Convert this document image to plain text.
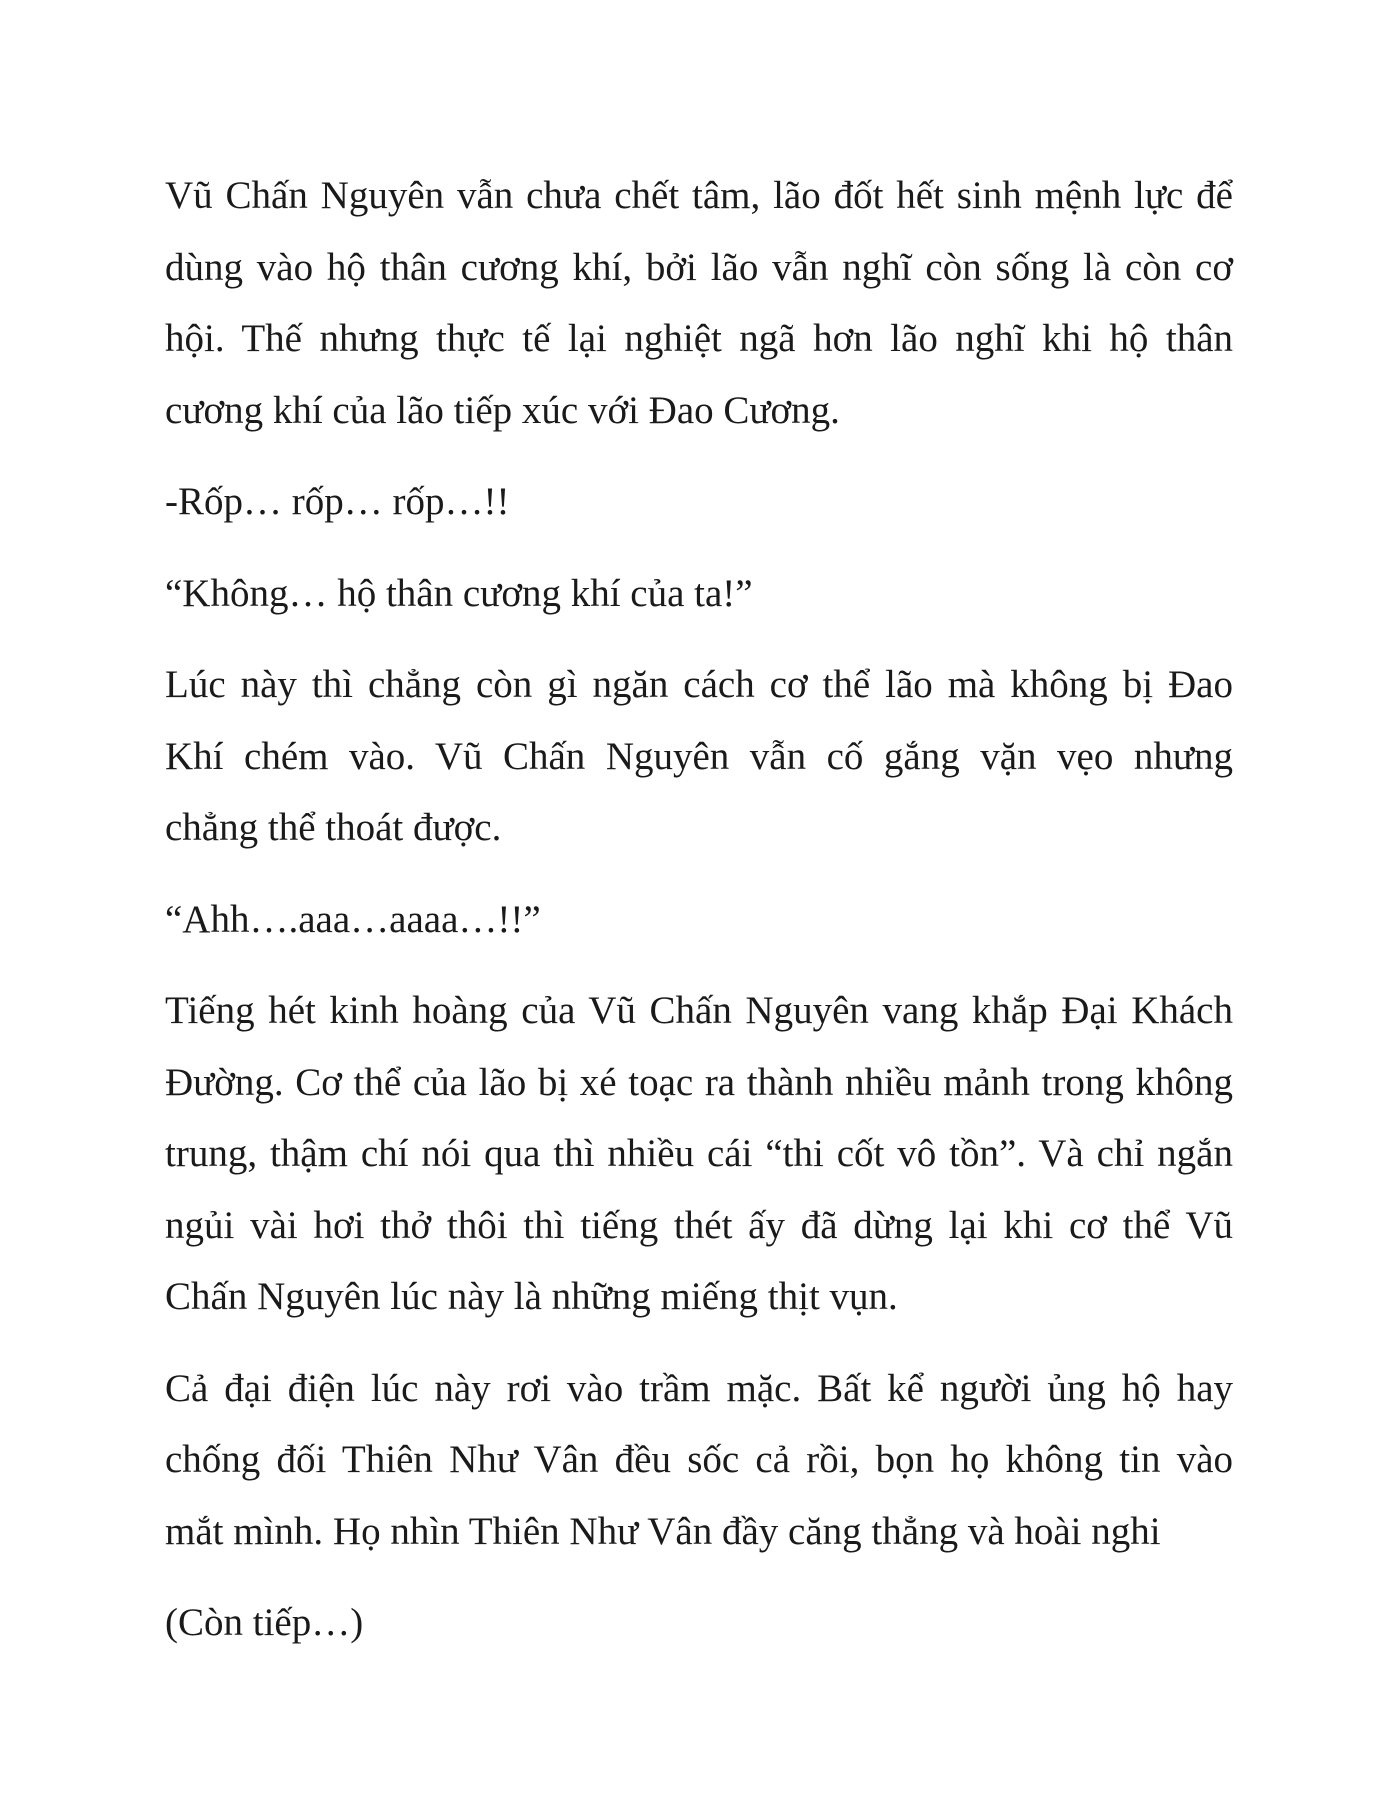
Vũ Chấn Nguyên vẫn chưa chết tâm, lão đốt hết sinh mệnh lực để
dùng vào hộ thân cương khí, bởi lão vẫn nghĩ còn sống là còn cơ
hội. Thế nhưng thực tế lại nghiệt ngã hơn lão nghĩ khi hộ thân
cương khí của lão tiếp xúc với Đao Cương.

-Rốp… rốp… rốp…!!

“Không… hộ thân cương khí của ta!”

Lúc này thì chẳng còn gì ngăn cách cơ thể lão mà không bị Đao
Khí chém vào. Vũ Chấn Nguyên vẫn cố gắng vặn vẹo nhưng
chẳng thể thoát được.

“Ahh….aaa…aaaa…!!”

Tiếng hét kinh hoàng của Vũ Chấn Nguyên vang khắp Đại Khách
Đường. Cơ thể của lão bị xé toạc ra thành nhiều mảnh trong không
trung, thậm chí nói qua thì nhiều cái “thi cốt vô tồn”. Và chỉ ngắn
ngủi vài hơi thở thôi thì tiếng thét ấy đã dừng lại khi cơ thể Vũ
Chấn Nguyên lúc này là những miếng thịt vụn.

Cả đại điện lúc này rơi vào trầm mặc. Bất kể người ủng hộ hay
chống đối Thiên Như Vân đều sốc cả rồi, bọn họ không tin vào
mắt mình. Họ nhìn Thiên Như Vân đầy căng thẳng và hoài nghi

(Còn tiếp…)
